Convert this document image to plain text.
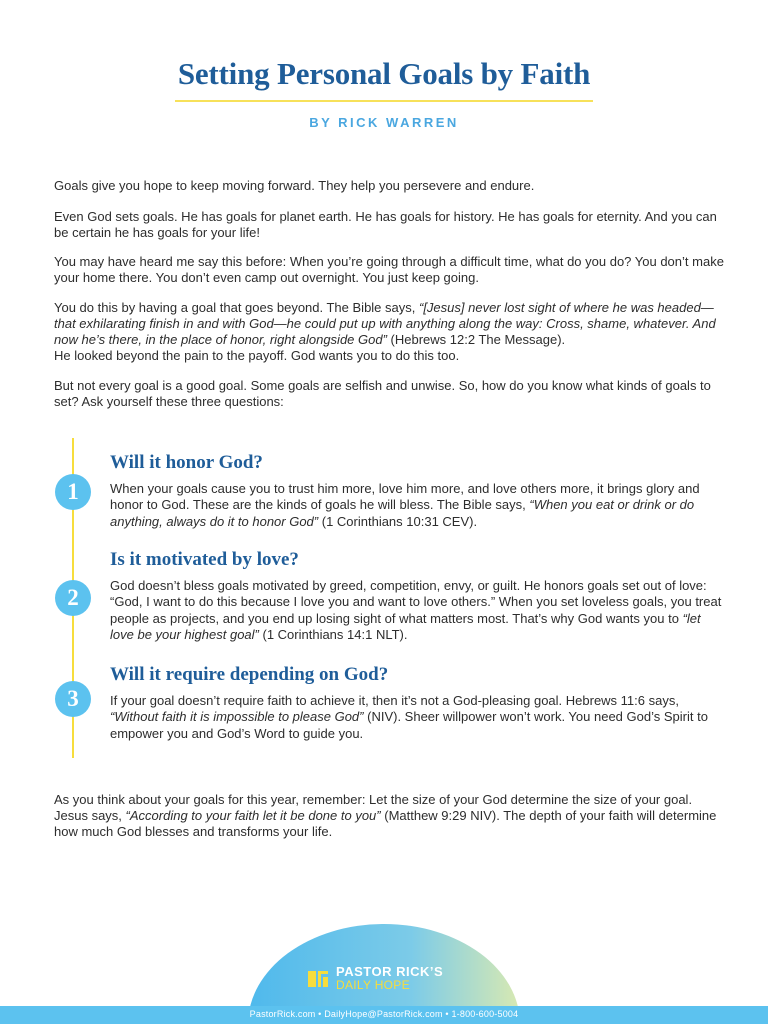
Setting Personal Goals by Faith
BY RICK WARREN

Goals give you hope to keep moving forward. They help you persevere and endure.

Even God sets goals. He has goals for planet earth. He has goals for history. He has goals for eternity. And you can be certain he has goals for your life!

You may have heard me say this before: When you’re going through a difficult time, what do you do? You don’t make your home there. You don’t even camp out overnight. You just keep going.

You do this by having a goal that goes beyond. The Bible says, “[Jesus] never lost sight of where he was headed—that exhilarating finish in and with God—he could put up with anything along the way: Cross, shame, whatever. And now he’s there, in the place of honor, right alongside God” (Hebrews 12:2 The Message).
He looked beyond the pain to the payoff. God wants you to do this too.

But not every goal is a good goal. Some goals are selfish and unwise. So, how do you know what kinds of goals to set? Ask yourself these three questions:

1
Will it honor God?

When your goals cause you to trust him more, love him more, and love others more, it brings glory and honor to God. These are the kinds of goals he will bless. The Bible says, “When you eat or drink or do anything, always do it to honor God” (1 Corinthians 10:31 CEV).

2
Is it motivated by love?

God doesn’t bless goals motivated by greed, competition, envy, or guilt. He honors goals set out of love: “God, I want to do this because I love you and want to love others.” When you set loveless goals, you treat people as projects, and you end up losing sight of what matters most. That’s why God wants you to “let love be your highest goal” (1 Corinthians 14:1 NLT).

3
Will it require depending on God?

If your goal doesn’t require faith to achieve it, then it’s not a God-pleasing goal. Hebrews 11:6 says, “Without faith it is impossible to please God” (NIV). Sheer willpower won’t work. You need God’s Spirit to empower you and God’s Word to guide you.

As you think about your goals for this year, remember: Let the size of your God determine the size of your goal. Jesus says, “According to your faith let it be done to you” (Matthew 9:29 NIV). The depth of your faith will determine how much God blesses and transforms your life.

PASTOR RICK’S
DAILY HOPE
PastorRick.com • DailyHope@PastorRick.com • 1-800-600-5004
